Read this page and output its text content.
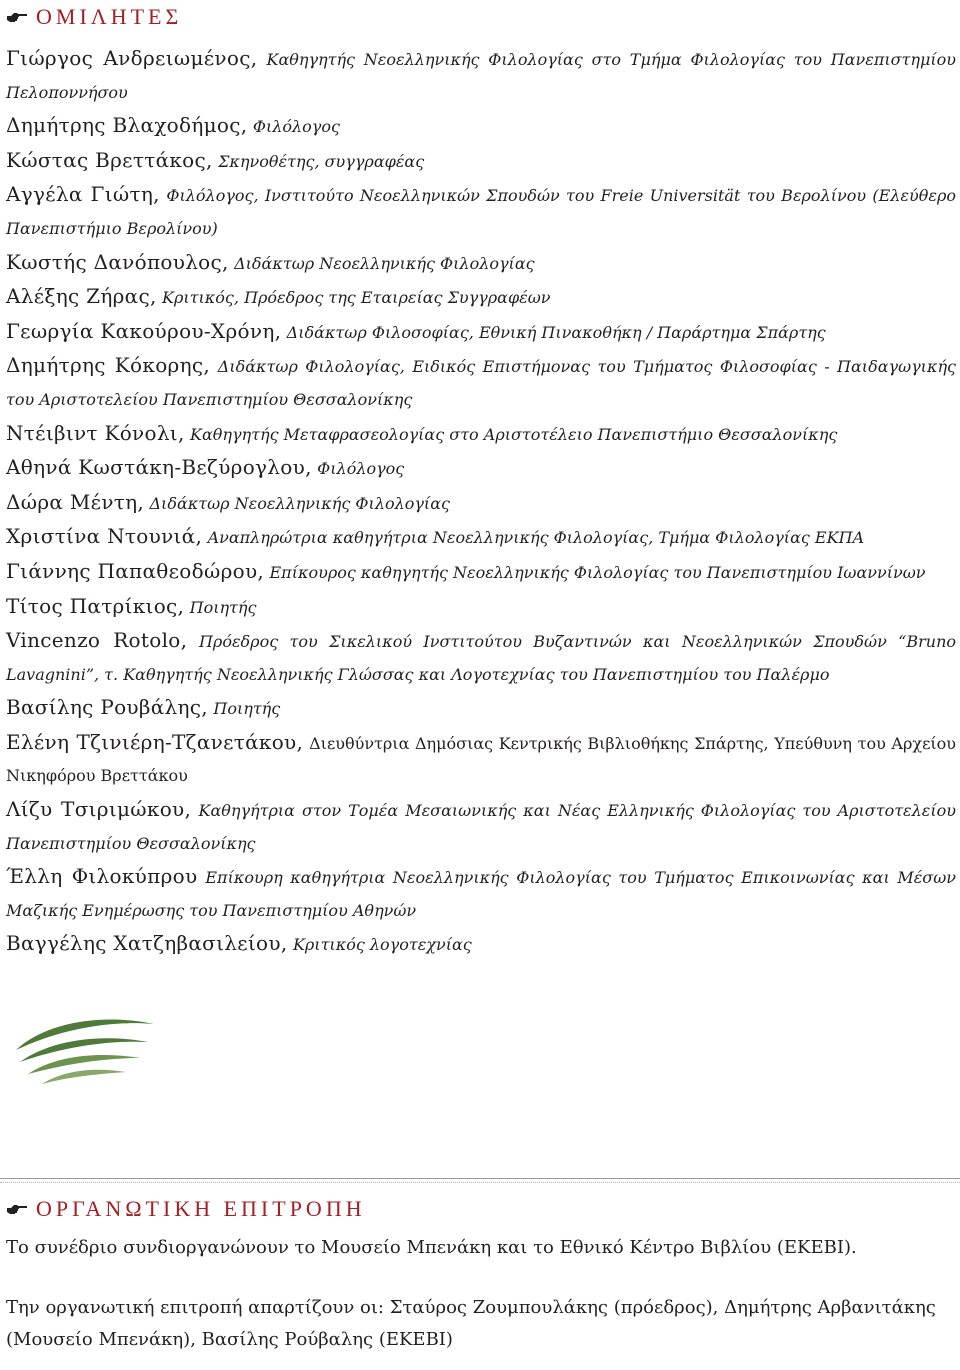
ΟΜΙΛΗΤΕΣ

Γιώργος Ανδρειωμένος, Καθηγητής Νεοελληνικής Φιλολογίας στο Τμήμα Φιλολογίας του Πανεπιστημίου Πελοποννήσου

Δημήτρης Βλαχοδήμος, Φιλόλογος

Κώστας Βρεττάκος, Σκηνοθέτης, συγγραφέας

Αγγέλα Γιώτη, Φιλόλογος, Ινστιτούτο Νεοελληνικών Σπουδών του Freie Universität του Βερολίνου (Ελεύθερο Πανεπιστήμιο Βερολίνου)

Κωστής Δανόπουλος, Διδάκτωρ Νεοελληνικής Φιλολογίας

Αλέξης Ζήρας, Κριτικός, Πρόεδρος της Εταιρείας Συγγραφέων

Γεωργία Κακούρου-Χρόνη, Διδάκτωρ Φιλοσοφίας, Εθνική Πινακοθήκη / Παράρτημα Σπάρτης

Δημήτρης Κόκορης, Διδάκτωρ Φιλολογίας, Ειδικός Επιστήμονας του Τμήματος Φιλοσοφίας - Παιδαγωγικής του Αριστοτελείου Πανεπιστημίου Θεσσαλονίκης

Ντέιβιντ Κόνολι, Καθηγητής Μεταφρασεολογίας στο Αριστοτέλειο Πανεπιστήμιο Θεσσαλονίκης

Αθηνά Κωστάκη-Βεζύρογλου, Φιλόλογος

Δώρα Μέντη, Διδάκτωρ Νεοελληνικής Φιλολογίας

Χριστίνα Ντουνιά, Αναπληρώτρια καθηγήτρια Νεοελληνικής Φιλολογίας, Τμήμα Φιλολογίας ΕΚΠΑ

Γιάννης Παπαθεοδώρου, Επίκουρος καθηγητής Νεοελληνικής Φιλολογίας του Πανεπιστημίου Ιωαννίνων

Τίτος Πατρίκιος, Ποιητής

Vincenzo Rotolo, Πρόεδρος του Σικελικού Ινστιτούτου Βυζαντινών και Νεοελληνικών Σπουδών “Bruno Lavagnini”, τ. Καθηγητής Νεοελληνικής Γλώσσας και Λογοτεχνίας του Πανεπιστημίου του Παλέρμο

Βασίλης Ρουβάλης, Ποιητής

Ελένη Τζινιέρη-Τζανετάκου, Διευθύντρια Δημόσιας Κεντρικής Βιβλιοθήκης Σπάρτης, Υπεύθυνη του Αρχείου Νικηφόρου Βρεττάκου

Λίζυ Τσιριμώκου, Καθηγήτρια στον Τομέα Μεσαιωνικής και Νέας Ελληνικής Φιλολογίας του Αριστοτελείου Πανεπιστημίου Θεσσαλονίκης

Έλλη Φιλοκύπρου Επίκουρη καθηγήτρια Νεοελληνικής Φιλολογίας του Τμήματος Επικοινωνίας και Μέσων Μαζικής Ενημέρωσης του Πανεπιστημίου Αθηνών

Βαγγέλης Χατζηβασιλείου, Κριτικός λογοτεχνίας

ΟΡΓΑΝΩΤΙΚΗ ΕΠΙΤΡΟΠΗ

Το συνέδριο συνδιοργανώνουν το Μουσείο Μπενάκη και το Εθνικό Κέντρο Βιβλίου (ΕΚΕΒΙ).

Την οργανωτική επιτροπή απαρτίζουν οι: Σταύρος Ζουμπουλάκης (πρόεδρος), Δημήτρης Αρβανιτάκης (Μουσείο Μπενάκη), Βασίλης Ρούβαλης (ΕΚΕΒΙ)
